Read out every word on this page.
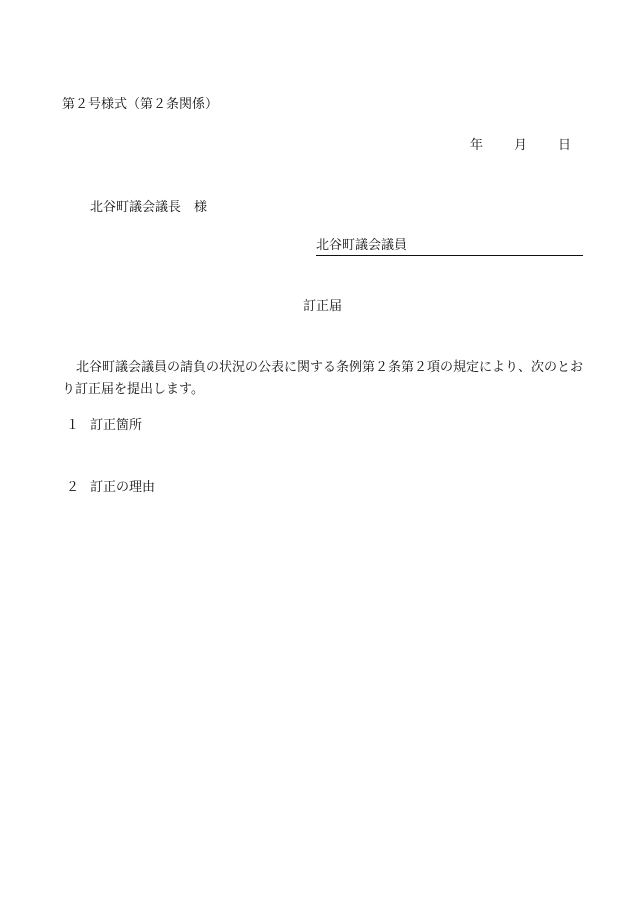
第２号様式（第２条関係）
年	月	日
北谷町議会議長　様
北谷町議会議員
訂正届
北谷町議会議員の請負の状況の公表に関する条例第２条第２項の規定により、次のとおり訂正届を提出します。
１ 訂正箇所
２ 訂正の理由
